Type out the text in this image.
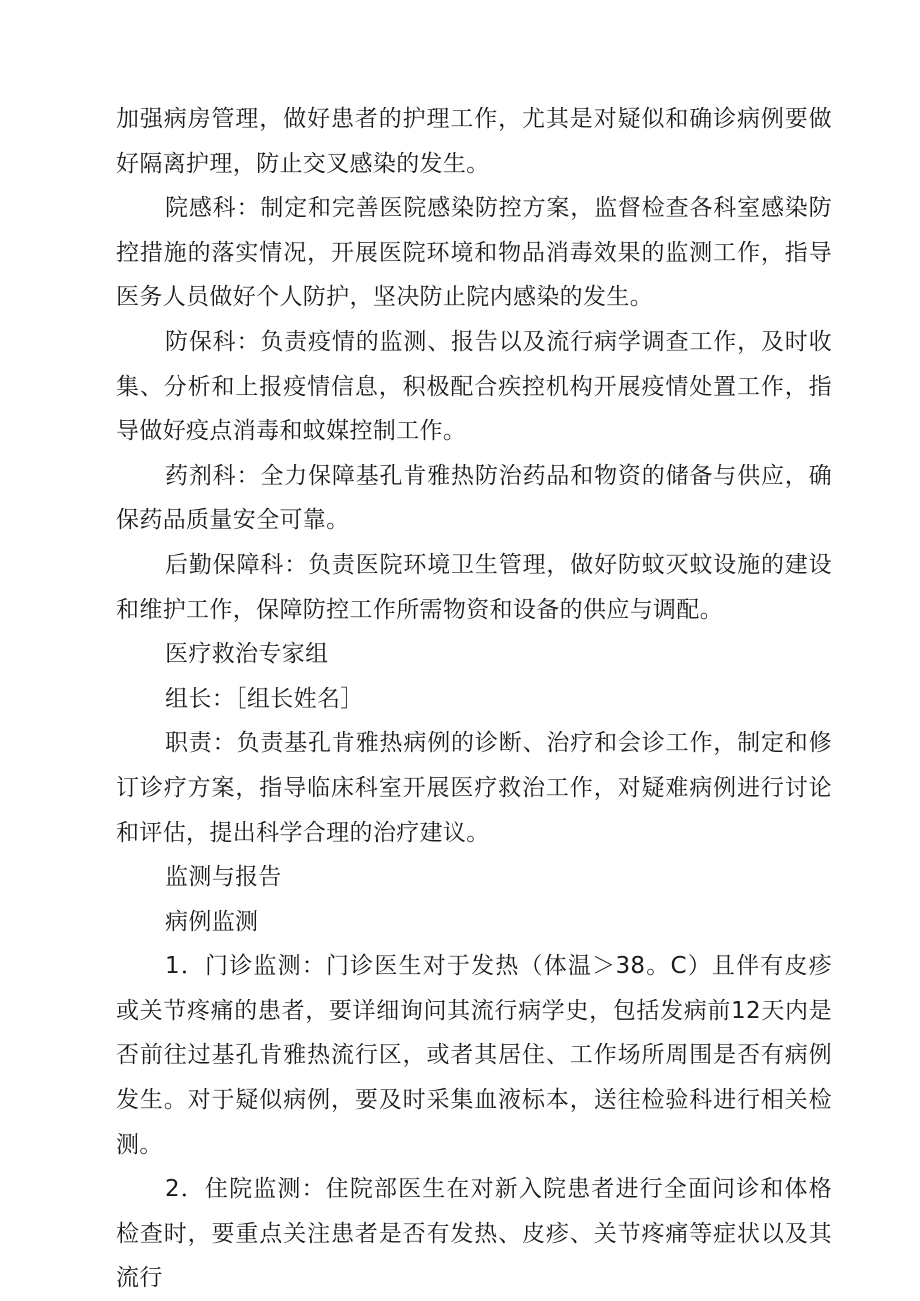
加强病房管理，做好患者的护理工作，尤其是对疑似和确诊病例要做好隔离护理，防止交叉感染的发生。

院感科：制定和完善医院感染防控方案，监督检查各科室感染防控措施的落实情况，开展医院环境和物品消毒效果的监测工作，指导医务人员做好个人防护，坚决防止院内感染的发生。

防保科：负责疫情的监测、报告以及流行病学调查工作，及时收集、分析和上报疫情信息，积极配合疾控机构开展疫情处置工作，指导做好疫点消毒和蚊媒控制工作。

药剂科：全力保障基孔肯雅热防治药品和物资的储备与供应，确保药品质量安全可靠。

后勤保障科：负责医院环境卫生管理，做好防蚊灭蚊设施的建设和维护工作，保障防控工作所需物资和设备的供应与调配。

医疗救治专家组

组长：［组长姓名］

职责：负责基孔肯雅热病例的诊断、治疗和会诊工作，制定和修订诊疗方案，指导临床科室开展医疗救治工作，对疑难病例进行讨论和评估，提出科学合理的治疗建议。

监测与报告

病例监测

1．门诊监测：门诊医生对于发热（体温＞38。C）且伴有皮疹或关节疼痛的患者，要详细询问其流行病学史，包括发病前12天内是否前往过基孔肯雅热流行区，或者其居住、工作场所周围是否有病例发生。对于疑似病例，要及时采集血液标本，送往检验科进行相关检测。

2．住院监测：住院部医生在对新入院患者进行全面问诊和体格检查时，要重点关注患者是否有发热、皮疹、关节疼痛等症状以及其流行
